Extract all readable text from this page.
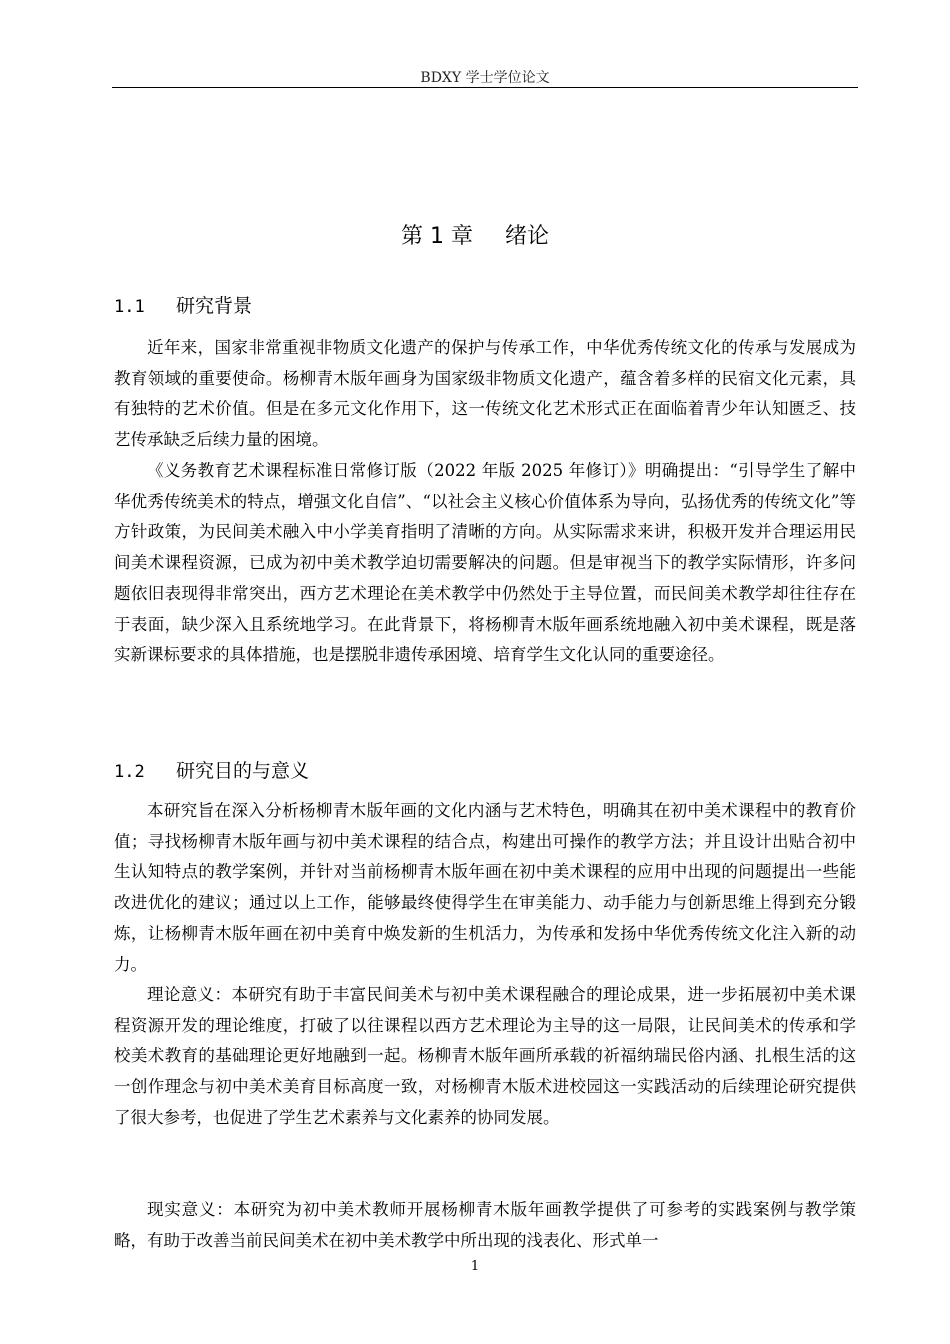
BDXY 学士学位论文
第 1 章 绪论
1.1 研究背景

近年来，国家非常重视非物质文化遗产的保护与传承工作，中华优秀传统文化的传承与发展成为教育领域的重要使命。杨柳青木版年画身为国家级非物质文化遗产，蕴含着多样的民宿文化元素，具有独特的艺术价值。但是在多元文化作用下，这一传统文化艺术形式正在面临着青少年认知匮乏、技艺传承缺乏后续力量的困境。

《义务教育艺术课程标准日常修订版（2022 年版 2025 年修订）》明确提出：“引导学生了解中华优秀传统美术的特点，增强文化自信”、“以社会主义核心价值体系为导向，弘扬优秀的传统文化”等方针政策，为民间美术融入中小学美育指明了清晰的方向。从实际需求来讲，积极开发并合理运用民间美术课程资源，已成为初中美术教学迫切需要解决的问题。但是审视当下的教学实际情形，许多问题依旧表现得非常突出，西方艺术理论在美术教学中仍然处于主导位置，而民间美术教学却往往存在于表面，缺少深入且系统地学习。在此背景下，将杨柳青木版年画系统地融入初中美术课程，既是落实新课标要求的具体措施，也是摆脱非遗传承困境、培育学生文化认同的重要途径。

1.2 研究目的与意义

本研究旨在深入分析杨柳青木版年画的文化内涵与艺术特色，明确其在初中美术课程中的教育价值；寻找杨柳青木版年画与初中美术课程的结合点，构建出可操作的教学方法；并且设计出贴合初中生认知特点的教学案例，并针对当前杨柳青木版年画在初中美术课程的应用中出现的问题提出一些能改进优化的建议；通过以上工作，能够最终使得学生在审美能力、动手能力与创新思维上得到充分锻炼，让杨柳青木版年画在初中美育中焕发新的生机活力，为传承和发扬中华优秀传统文化注入新的动力。

理论意义：本研究有助于丰富民间美术与初中美术课程融合的理论成果，进一步拓展初中美术课程资源开发的理论维度，打破了以往课程以西方艺术理论为主导的这一局限，让民间美术的传承和学校美术教育的基础理论更好地融到一起。杨柳青木版年画所承载的祈福纳瑞民俗内涵、扎根生活的这一创作理念与初中美术美育目标高度一致，对杨柳青木版术进校园这一实践活动的后续理论研究提供了很大参考，也促进了学生艺术素养与文化素养的协同发展。

现实意义：本研究为初中美术教师开展杨柳青木版年画教学提供了可参考的实践案例与教学策略，有助于改善当前民间美术在初中美术教学中所出现的浅表化、形式单一

1
